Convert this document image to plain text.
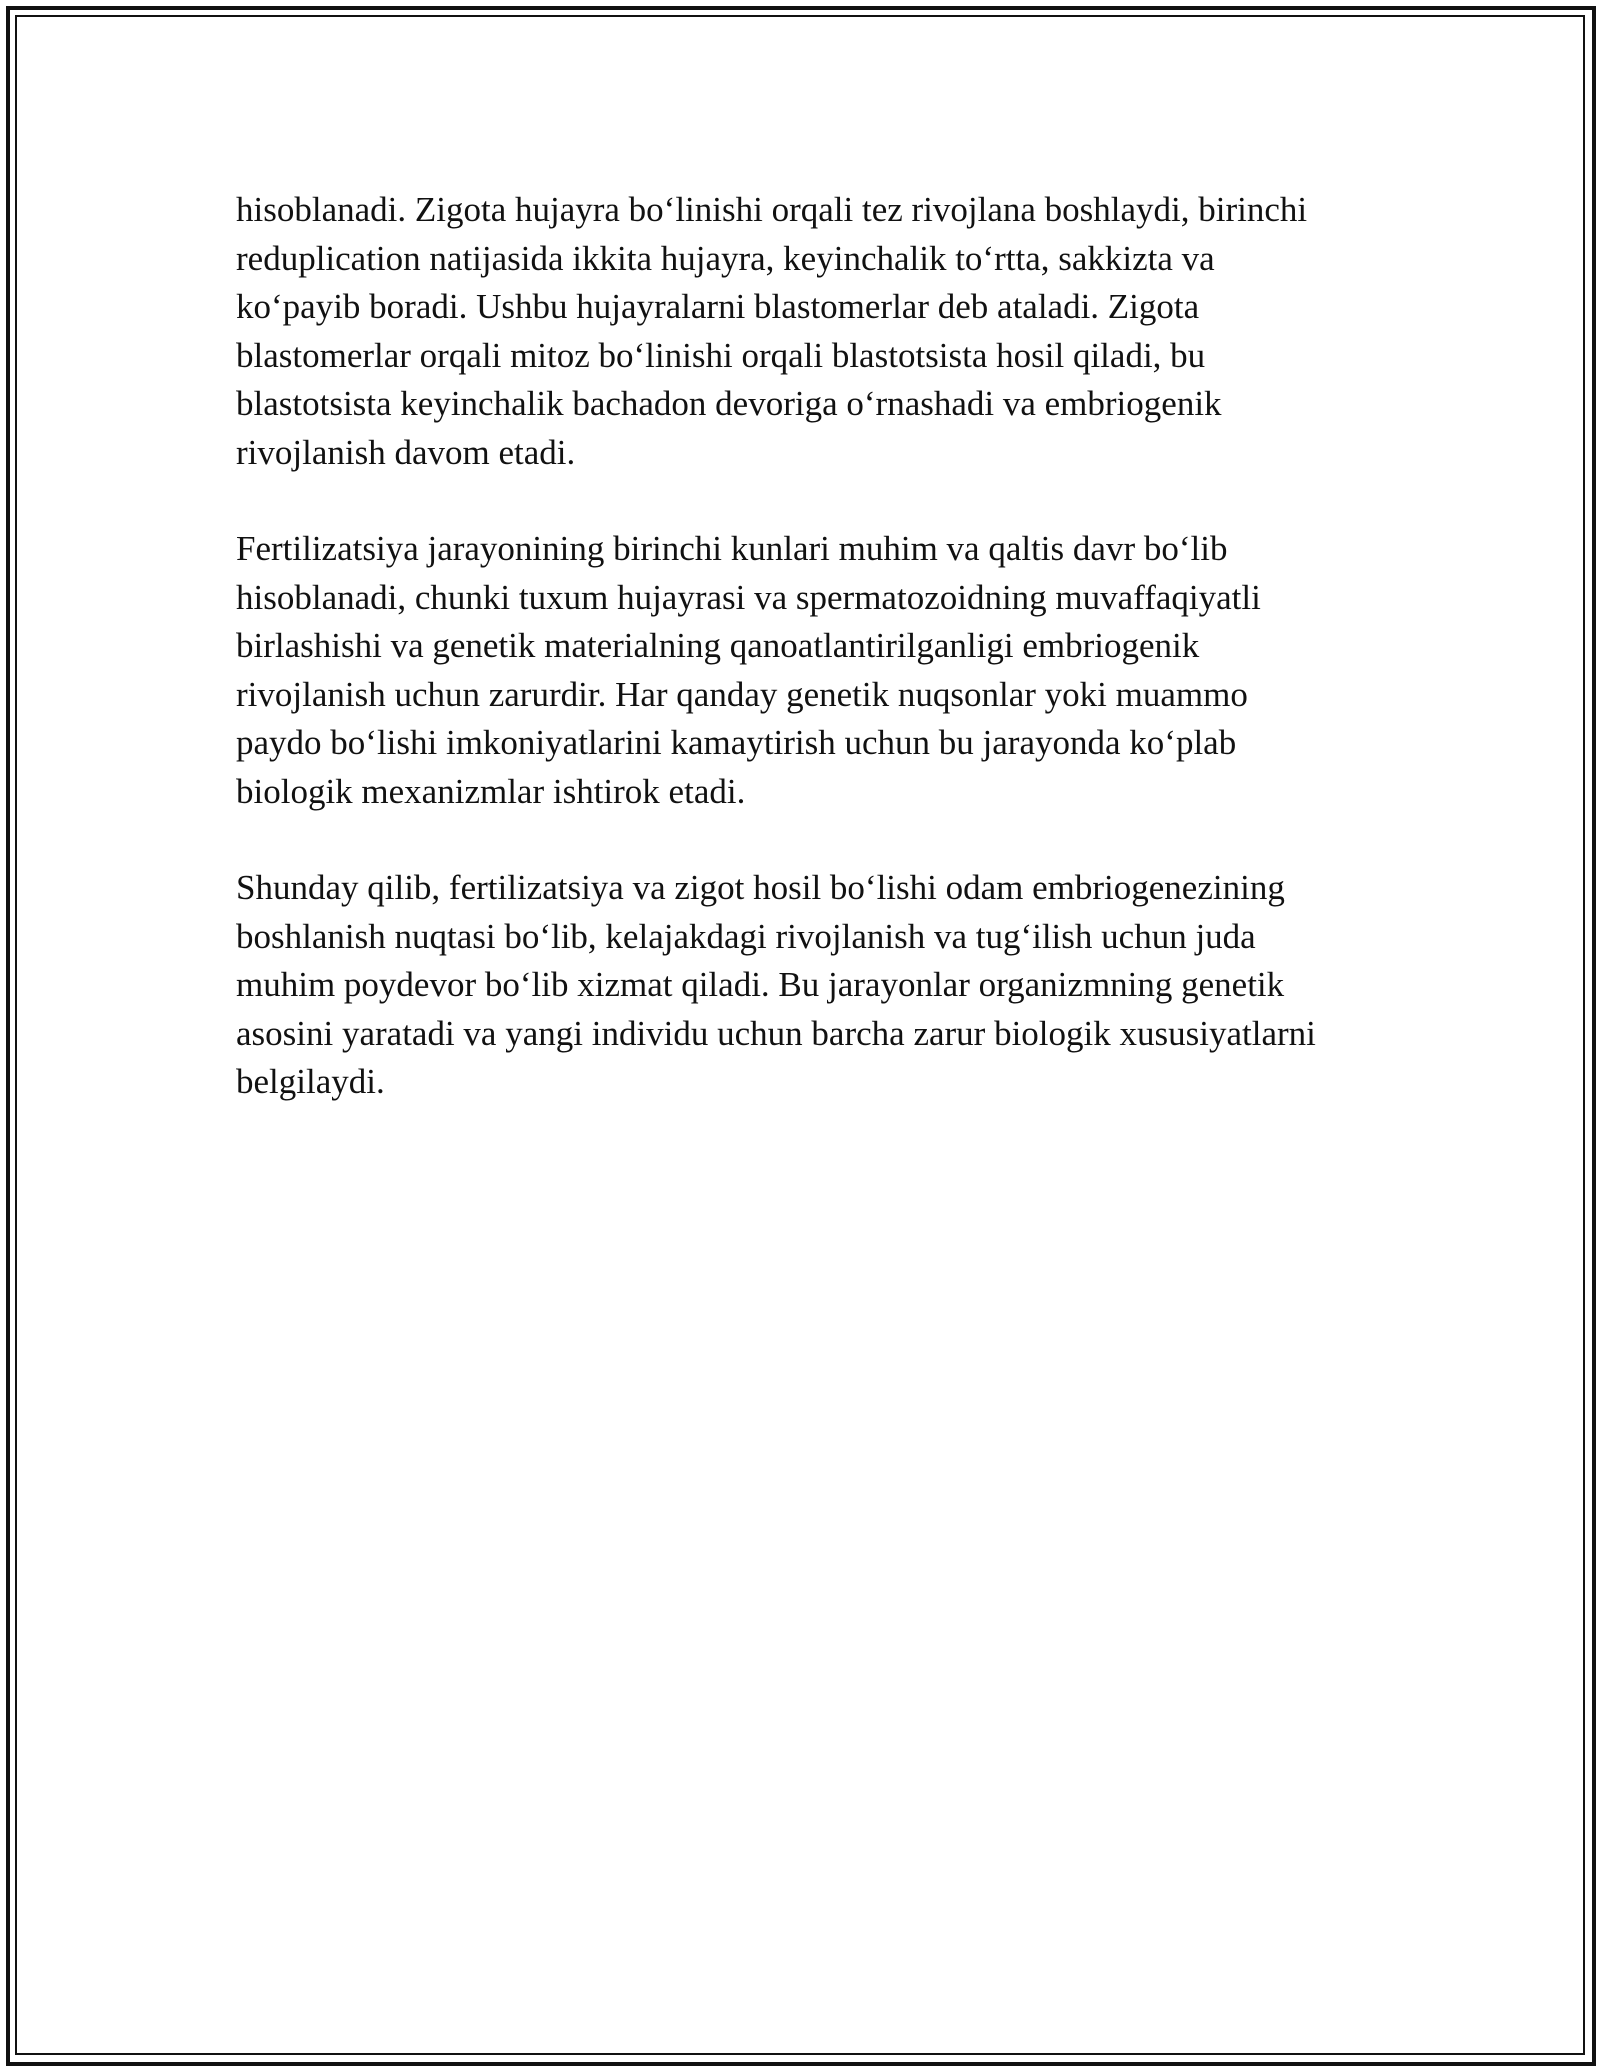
hisoblanadi. Zigota hujayra bo‘linishi orqali tez rivojlana boshlaydi, birinchi
reduplication natijasida ikkita hujayra, keyinchalik to‘rtta, sakkizta va
ko‘payib boradi. Ushbu hujayralarni blastomerlar deb ataladi. Zigota
blastomerlar orqali mitoz bo‘linishi orqali blastotsista hosil qiladi, bu
blastotsista keyinchalik bachadon devoriga o‘rnashadi va embriogenik
rivojlanish davom etadi.

Fertilizatsiya jarayonining birinchi kunlari muhim va qaltis davr bo‘lib
hisoblanadi, chunki tuxum hujayrasi va spermatozoidning muvaffaqiyatli
birlashishi va genetik materialning qanoatlantirilganligi embriogenik
rivojlanish uchun zarurdir. Har qanday genetik nuqsonlar yoki muammo
paydo bo‘lishi imkoniyatlarini kamaytirish uchun bu jarayonda ko‘plab
biologik mexanizmlar ishtirok etadi.

Shunday qilib, fertilizatsiya va zigot hosil bo‘lishi odam embriogenezining
boshlanish nuqtasi bo‘lib, kelajakdagi rivojlanish va tug‘ilish uchun juda
muhim poydevor bo‘lib xizmat qiladi. Bu jarayonlar organizmning genetik
asosini yaratadi va yangi individu uchun barcha zarur biologik xususiyatlarni
belgilaydi.
